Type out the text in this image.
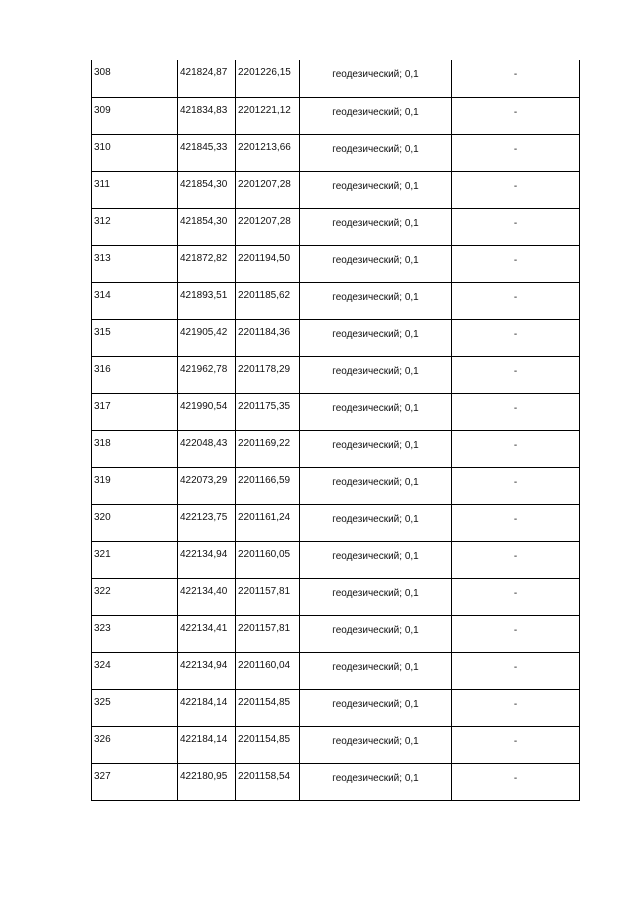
308	421824,87	2201226,15	геодезический; 0,1	-
309	421834,83	2201221,12	геодезический; 0,1	-
310	421845,33	2201213,66	геодезический; 0,1	-
311	421854,30	2201207,28	геодезический; 0,1	-
312	421854,30	2201207,28	геодезический; 0,1	-
313	421872,82	2201194,50	геодезический; 0,1	-
314	421893,51	2201185,62	геодезический; 0,1	-
315	421905,42	2201184,36	геодезический; 0,1	-
316	421962,78	2201178,29	геодезический; 0,1	-
317	421990,54	2201175,35	геодезический; 0,1	-
318	422048,43	2201169,22	геодезический; 0,1	-
319	422073,29	2201166,59	геодезический; 0,1	-
320	422123,75	2201161,24	геодезический; 0,1	-
321	422134,94	2201160,05	геодезический; 0,1	-
322	422134,40	2201157,81	геодезический; 0,1	-
323	422134,41	2201157,81	геодезический; 0,1	-
324	422134,94	2201160,04	геодезический; 0,1	-
325	422184,14	2201154,85	геодезический; 0,1	-
326	422184,14	2201154,85	геодезический; 0,1	-
327	422180,95	2201158,54	геодезический; 0,1	-
